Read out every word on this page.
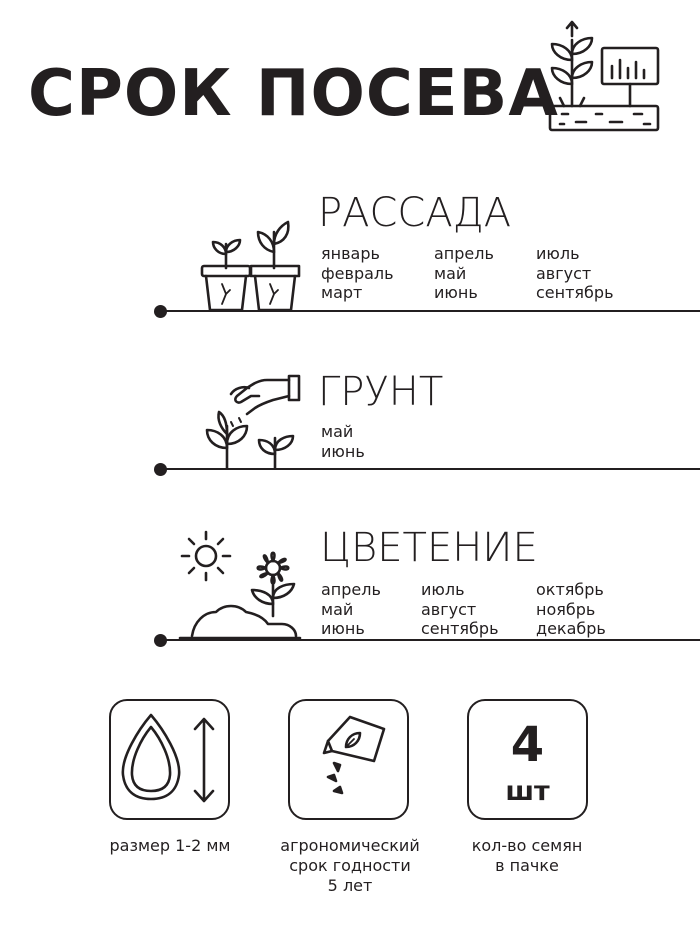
СРОК ПОСЕВА
РАССАДА
январь
февраль
март
апрель
май
июнь
июль
август
сентябрь
ГРУНТ
май
июнь
ЦВЕТЕНИЕ
апрель
май
июнь
июль
август
сентябрь
октябрь
ноябрь
декабрь
размер 1-2 мм	агрономический
срок годности
5 лет
4
шт
кол-во семян
в пачке
